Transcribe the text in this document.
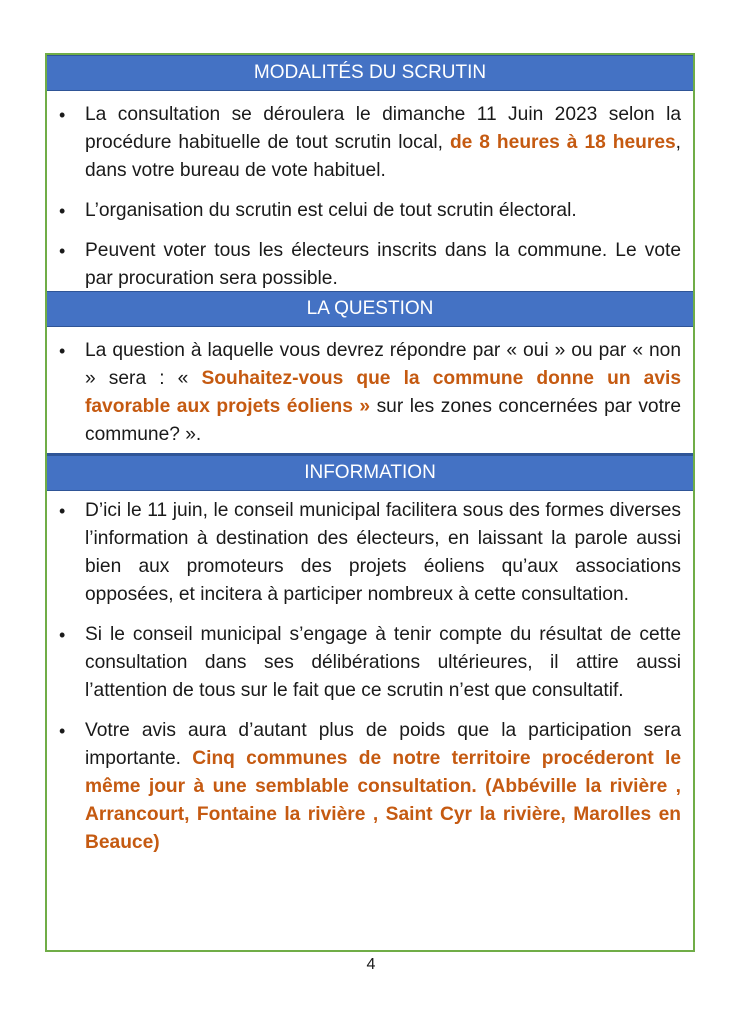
MODALITÉS DU SCRUTIN
• La consultation se déroulera le dimanche 11 Juin 2023 selon la procédure habituelle de tout scrutin local, de 8 heures à 18 heures, dans votre bureau de vote habituel.
• L’organisation du scrutin est celui de tout scrutin électoral.
• Peuvent voter tous les électeurs inscrits dans la commune. Le vote par procuration sera possible.
LA QUESTION
• La question à laquelle vous devrez répondre par « oui » ou par « non » sera : « Souhaitez-vous que la commune donne un avis favorable aux projets éoliens » sur les zones concernées par votre commune? ».
INFORMATION
• D’ici le 11 juin, le conseil municipal facilitera sous des formes diverses l’information à destination des électeurs, en laissant la parole aussi bien aux promoteurs des projets éoliens qu’aux associations opposées, et incitera à participer nombreux à cette consultation.
• Si le conseil municipal s’engage à tenir compte du résultat de cette consultation dans ses délibérations ultérieures, il attire aussi l’attention de tous sur le fait que ce scrutin n’est que consultatif.
• Votre avis aura d’autant plus de poids que la participation sera importante. Cinq communes de notre territoire procéderont le même jour à une semblable consultation. (Abbéville la rivière , Arrancourt, Fontaine la rivière , Saint Cyr la rivière, Marolles en Beauce)
4
